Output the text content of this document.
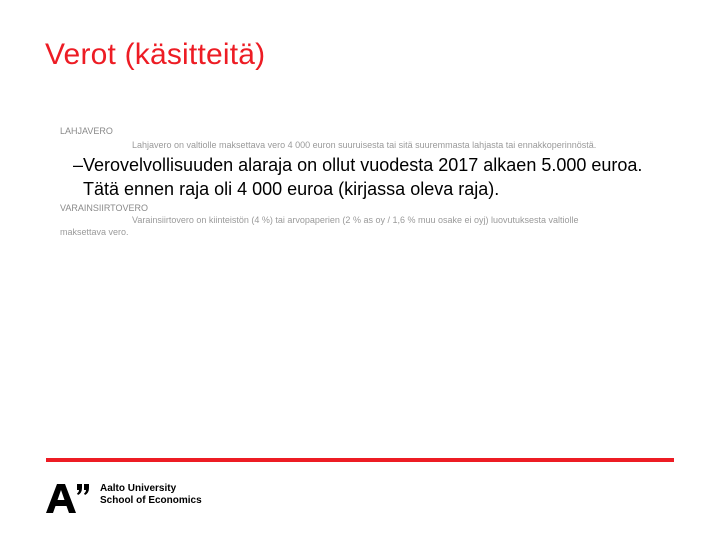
Verot (käsitteitä)
LAHJAVERO
Lahjavero on valtiolle maksettava vero 4 000 euron suuruisesta tai sitä suuremmasta lahjasta tai ennakkoperinnöstä.
–Verovelvollisuuden alaraja on ollut vuodesta 2017 alkaen 5.000 euroa.
Tätä ennen raja oli 4 000 euroa (kirjassa oleva raja).
VARAINSIIRTOVERO
Varainsiirtovero on kiinteistön (4 %) tai arvopaperien (2 % as oy / 1,6 % muu osake ei oyj) luovutuksesta valtiolle
maksettava vero.
Aalto University
School of Economics
